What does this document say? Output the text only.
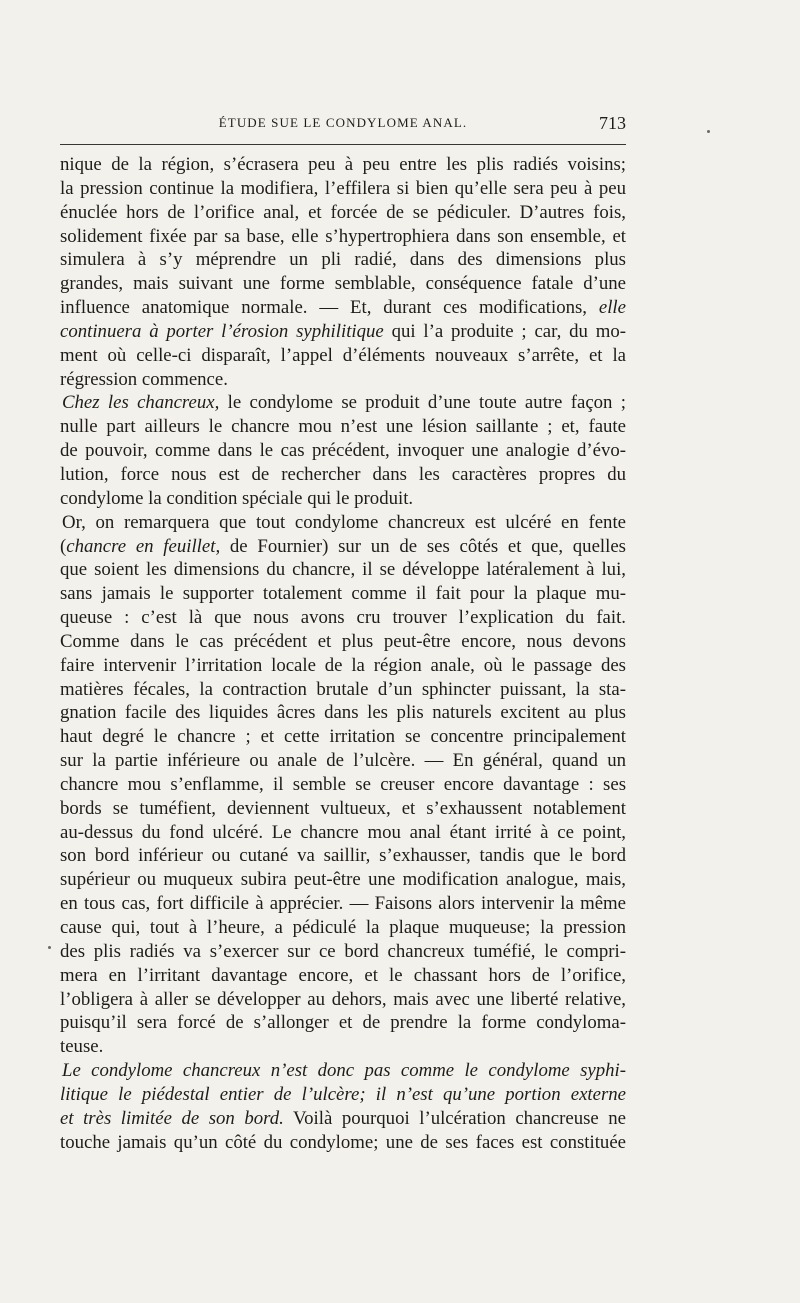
ÉTUDE SUE LE CONDYLOME ANAL.	713
nique de la région, s’écrasera peu à peu entre les plis radiés voisins;
la pression continue la modifiera, l’effilera si bien qu’elle sera peu à peu
énuclée hors de l’orifice anal, et forcée de se pédiculer. D’autres fois,
solidement fixée par sa base, elle s’hypertrophiera dans son ensemble, et
simulera à s’y méprendre un pli radié, dans des dimensions plus
grandes, mais suivant une forme semblable, conséquence fatale d’une
influence anatomique normale. — Et, durant ces modifications, elle
continuera à porter l’érosion syphilitique qui l’a produite ; car, du mo-
ment où celle-ci disparaît, l’appel d’éléments nouveaux s’arrête, et la
régression commence.
Chez les chancreux, le condylome se produit d’une toute autre façon ;
nulle part ailleurs le chancre mou n’est une lésion saillante ; et, faute
de pouvoir, comme dans le cas précédent, invoquer une analogie d’évo-
lution, force nous est de rechercher dans les caractères propres du
condylome la condition spéciale qui le produit.
Or, on remarquera que tout condylome chancreux est ulcéré en fente
(chancre en feuillet, de Fournier) sur un de ses côtés et que, quelles
que soient les dimensions du chancre, il se développe latéralement à lui,
sans jamais le supporter totalement comme il fait pour la plaque mu-
queuse : c’est là que nous avons cru trouver l’explication du fait.
Comme dans le cas précédent et plus peut-être encore, nous devons
faire intervenir l’irritation locale de la région anale, où le passage des
matières fécales, la contraction brutale d’un sphincter puissant, la sta-
gnation facile des liquides âcres dans les plis naturels excitent au plus
haut degré le chancre ; et cette irritation se concentre principalement
sur la partie inférieure ou anale de l’ulcère. — En général, quand un
chancre mou s’enflamme, il semble se creuser encore davantage : ses
bords se tuméfient, deviennent vultueux, et s’exhaussent notablement
au-dessus du fond ulcéré. Le chancre mou anal étant irrité à ce point,
son bord inférieur ou cutané va saillir, s’exhausser, tandis que le bord
supérieur ou muqueux subira peut-être une modification analogue, mais,
en tous cas, fort difficile à apprécier. — Faisons alors intervenir la même
cause qui, tout à l’heure, a pédiculé la plaque muqueuse; la pression
des plis radiés va s’exercer sur ce bord chancreux tuméfié, le compri-
mera en l’irritant davantage encore, et le chassant hors de l’orifice,
l’obligera à aller se développer au dehors, mais avec une liberté relative,
puisqu’il sera forcé de s’allonger et de prendre la forme condyloma-
teuse.
Le condylome chancreux n’est donc pas comme le condylome syphi-
litique le piédestal entier de l’ulcère; il n’est qu’une portion externe
et très limitée de son bord. Voilà pourquoi l’ulcération chancreuse ne
touche jamais qu’un côté du condylome; une de ses faces est constituée
